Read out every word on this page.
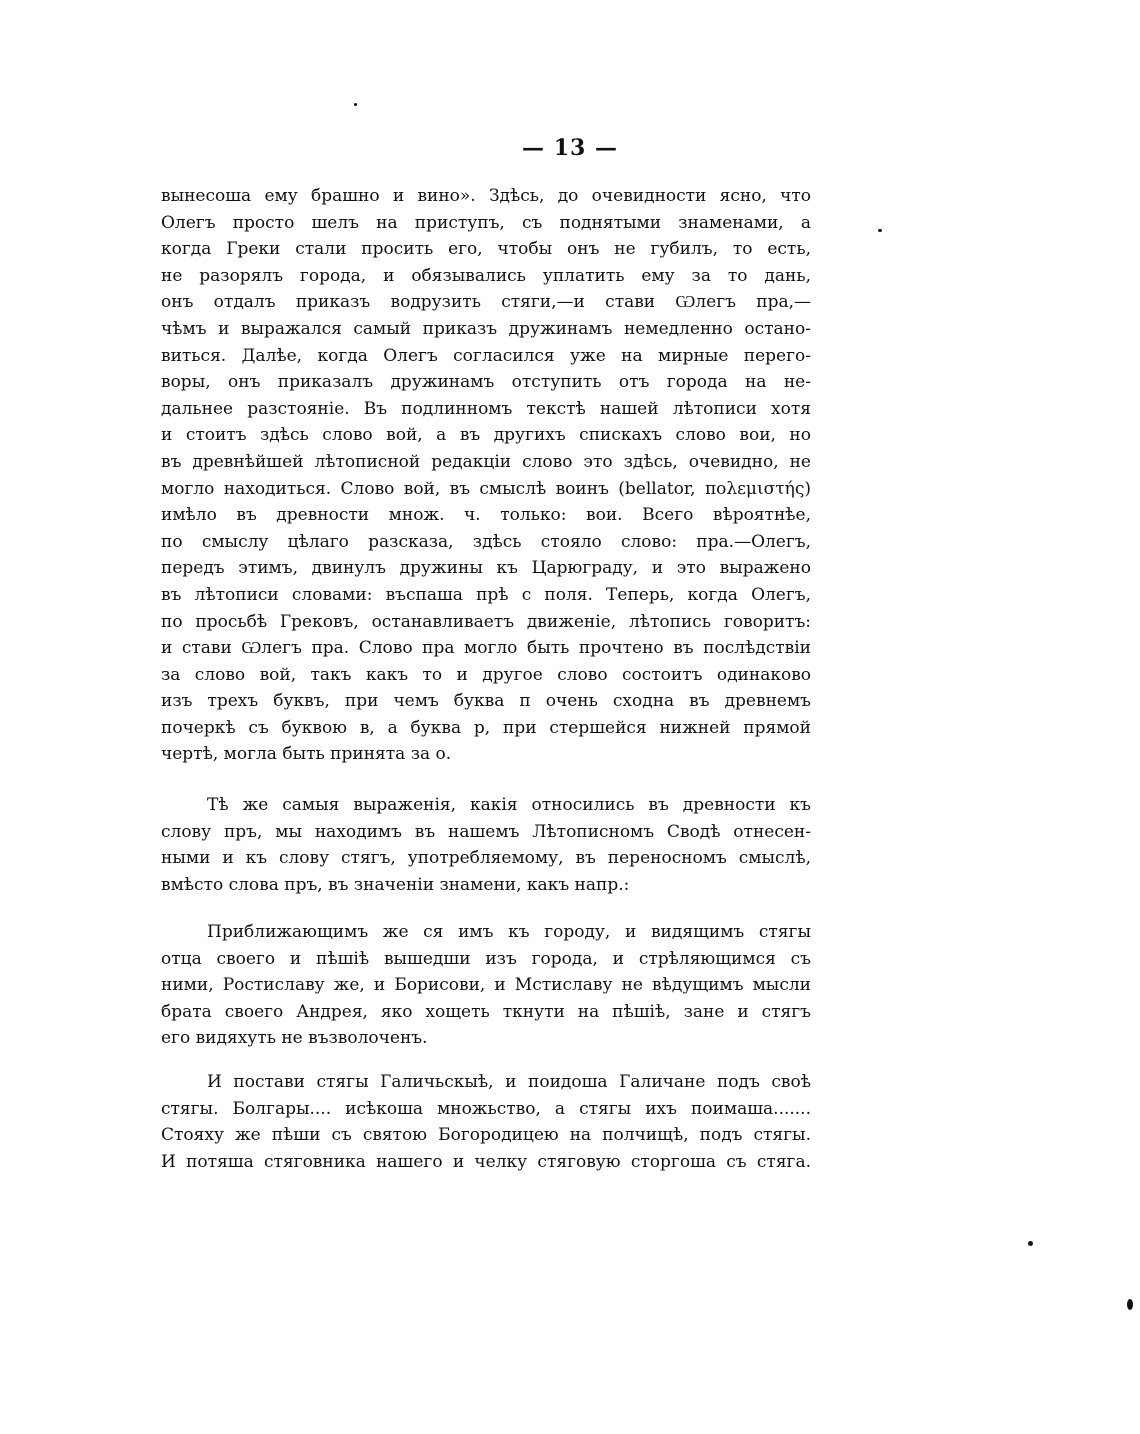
— 13 —
вынесоша ему брашно и вино». Здѣсь, до очевидности ясно, что
Олегъ просто шелъ на приступъ, съ поднятыми знаменами, а
когда Греки стали просить его, чтобы онъ не губилъ, то есть,
не разорялъ города, и обязывались уплатить ему за то дань,
онъ отдалъ приказъ водрузить стяги,—и стави Ѡлегъ пра,—
чѣмъ и выражался самый приказъ дружинамъ немедленно остано-
виться. Далѣе, когда Олегъ согласился уже на мирные перего-
воры, онъ приказалъ дружинамъ отступить отъ города на не-
дальнее разстояніе. Въ подлинномъ текстѣ нашей лѣтописи хотя
и стоитъ здѣсь слово вой, а въ другихъ спискахъ слово вои, но
въ древнѣйшей лѣтописной редакціи слово это здѣсь, очевидно, не
могло находиться. Слово вой, въ смыслѣ воинъ (bellator, πολεμιστής)
имѣло въ древности множ. ч. только: вои. Всего вѣроятнѣе,
по смыслу цѣлаго разсказа, здѣсь стояло слово: пра.—Олегъ,
передъ этимъ, двинулъ дружины къ Царюграду, и это выражено
въ лѣтописи словами: въспаша прѣ с поля. Теперь, когда Олегъ,
по просьбѣ Грековъ, останавливаетъ движеніе, лѣтопись говоритъ:
и стави Ѡлегъ пра. Слово пра могло быть прочтено въ послѣдствіи
за слово вой, такъ какъ то и другое слово состоитъ одинаково
изъ трехъ буквъ, при чемъ буква п очень сходна въ древнемъ
почеркѣ съ буквою в, а буква р, при стершейся нижней прямой
чертѣ, могла быть принята за о.
Тѣ же самыя выраженія, какія относились въ древности къ
слову пръ, мы находимъ въ нашемъ Лѣтописномъ Сводѣ отнесен-
ными и къ слову стягъ, употребляемому, въ переносномъ смыслѣ,
вмѣсто слова пръ, въ значеніи знамени, какъ напр.:
Приближающимъ же ся имъ къ городу, и видящимъ стягы
отца своего и пѣшіѣ вышедши изъ города, и стрѣляющимся съ
ними, Ростиславу же, и Борисови, и Мстиславу не вѣдущимъ мысли
брата своего Андрея, яко хощеть ткнути на пѣшіѣ, зане и стягъ
его видяхуть не възволоченъ.
И постави стягы Галичьскыѣ, и поидоша Галичане подъ своѣ
стягы. Болгары.... исѣкоша множьство, а стягы ихъ поимаша.......
Стояху же пѣши съ святою Богородицею на полчищѣ, подъ стягы.
И потяша стяговника нашего и челку стяговую сторгоша съ стяга.
